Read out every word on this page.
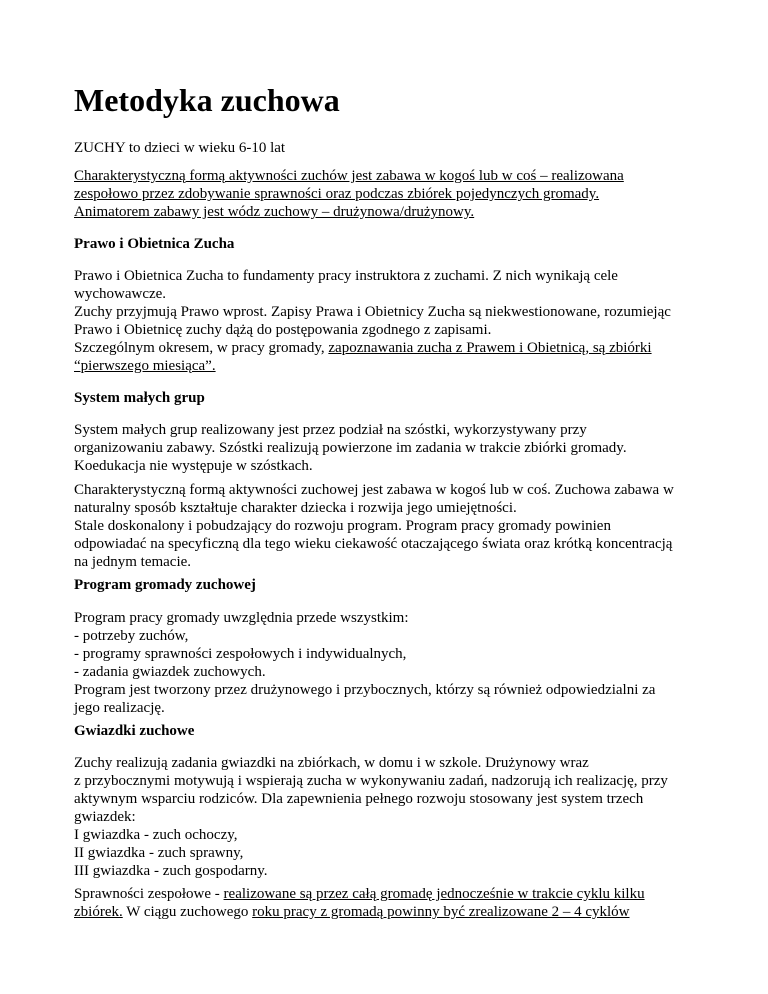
Metodyka zuchowa

ZUCHY to dzieci w wieku 6-10 lat

Charakterystyczną formą aktywności zuchów jest zabawa w kogoś lub w coś – realizowana
zespołowo przez zdobywanie sprawności oraz podczas zbiórek pojedynczych gromady.
Animatorem zabawy jest wódz zuchowy – drużynowa/drużynowy.

Prawo i Obietnica Zucha

Prawo i Obietnica Zucha to fundamenty pracy instruktora z zuchami. Z nich wynikają cele
wychowawcze.
Zuchy przyjmują Prawo wprost. Zapisy Prawa i Obietnicy Zucha są niekwestionowane, rozumiejąc
Prawo i Obietnicę zuchy dążą do postępowania zgodnego z zapisami.
Szczególnym okresem, w pracy gromady, zapoznawania zucha z Prawem i Obietnicą, są zbiórki
“pierwszego miesiąca”.

System małych grup

System małych grup realizowany jest przez podział na szóstki, wykorzystywany przy
organizowaniu zabawy. Szóstki realizują powierzone im zadania w trakcie zbiórki gromady.
Koedukacja nie występuje w szóstkach.

Charakterystyczną formą aktywności zuchowej jest zabawa w kogoś lub w coś. Zuchowa zabawa w
naturalny sposób kształtuje charakter dziecka i rozwija jego umiejętności.
Stale doskonalony i pobudzający do rozwoju program. Program pracy gromady powinien
odpowiadać na specyficzną dla tego wieku ciekawość otaczającego świata oraz krótką koncentracją
na jednym temacie.

Program gromady zuchowej

Program pracy gromady uwzględnia przede wszystkim:
- potrzeby zuchów,
- programy sprawności zespołowych i indywidualnych,
- zadania gwiazdek zuchowych.
Program jest tworzony przez drużynowego i przybocznych, którzy są również odpowiedzialni za
jego realizację.

Gwiazdki zuchowe

Zuchy realizują zadania gwiazdki na zbiórkach, w domu i w szkole. Drużynowy wraz
z przybocznymi motywują i wspierają zucha w wykonywaniu zadań, nadzorują ich realizację, przy
aktywnym wsparciu rodziców. Dla zapewnienia pełnego rozwoju stosowany jest system trzech
gwiazdek:
I gwiazdka - zuch ochoczy,
II gwiazdka - zuch sprawny,
III gwiazdka - zuch gospodarny.

Sprawności zespołowe - realizowane są przez całą gromadę jednocześnie w trakcie cyklu kilku
zbiórek. W ciągu zuchowego roku pracy z gromadą powinny być zrealizowane 2 – 4 cyklów
